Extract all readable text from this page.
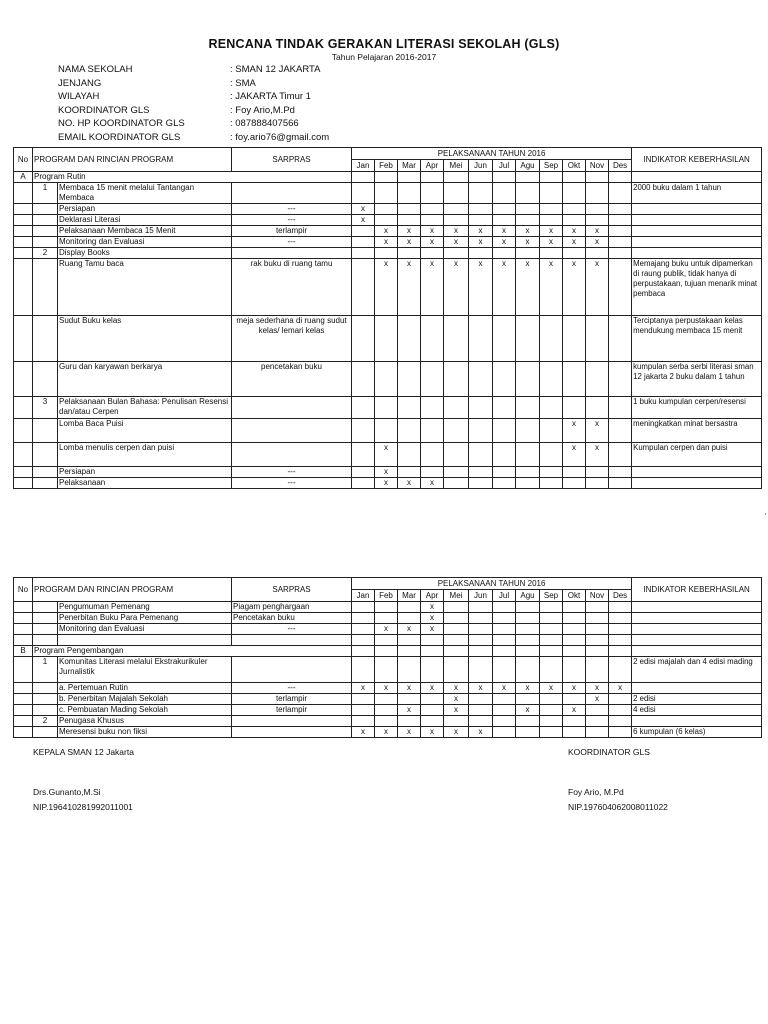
RENCANA TINDAK GERAKAN LITERASI SEKOLAH (GLS)
Tahun Pelajaran 2016-2017
NAMA SEKOLAH	: SMAN 12 JAKARTA
JENJANG	: SMA
WILAYAH	: JAKARTA Timur 1
KOORDINATOR GLS	: Foy Ario,M.Pd
NO. HP KOORDINATOR GLS	: 087888407566
EMAIL KOORDINATOR GLS	: foy.ario76@gmail.com
No	PROGRAM DAN RINCIAN PROGRAM		SARPRAS	PELAKSANAAN TAHUN 2016												INDIKATOR KEBERHASILAN
				Jan	Feb	Mar	Apr	Mei	Jun	Jul	Agu	Sep	Okt	Nov	Des	
A	Program Rutin															
	1	Membaca 15 menit melalui Tantangan Membaca														2000 buku dalam 1 tahun
		Persiapan	---	x												
		Deklarasi Literasi	---	x												
		Pelaksanaan Membaca 15 Menit	terlampir		x	x	x	x	x	x	x	x	x	x		
		Monitoring dan Evaluasi	---		x	x	x	x	x	x	x	x	x	x		
	2	Display Books														
		Ruang Tamu baca	rak buku di ruang tamu		x	x	x	x	x	x	x	x	x	x		Memajang buku untuk dipamerkan di raung publik, tidak hanya di perpustakaan, tujuan menarik minat pembaca
		Sudut Buku kelas	meja sederhana di ruang sudut kelas/ lemari kelas													Terciptanya perpustakaan kelas mendukung membaca 15 menit
		Guru dan karyawan berkarya	pencetakan buku													kumpulan serba serbi literasi sman 12 jakarta 2 buku dalam 1 tahun
	3	Pelaksanaan Bulan Bahasa: Penulisan Resensi dan/atau Cerpen														1 buku kumpulan cerpen/resensi
		Lomba Baca Puisi											x	x		meningkatkan minat bersastra
		Lomba menulis cerpen dan puisi			x								x	x		Kumpulan cerpen dan puisi
		Persiapan	---		x											
		Pelaksanaan	---		x	x	x									
'
No	PROGRAM DAN RINCIAN PROGRAM		SARPRAS	PELAKSANAAN TAHUN 2016												INDIKATOR KEBERHASILAN
				Jan	Feb	Mar	Apr	Mei	Jun	Jul	Agu	Sep	Okt	Nov	Des	
		Pengumuman Pemenang	Piagam penghargaan				x									
		Penerbitan Buku Para Pemenang	Pencetakan buku				x									
		Monitoring dan Evaluasi	---		x	x	x									

B	Program Pengembangan															
	1	Komunitas Literasi melalui Ekstrakurikuler Jurnalistik														2 edisi majalah dan 4 edisi mading
		a. Pertemuan Rutin	---	x	x	x	x	x	x	x	x	x	x	x	x	
		b. Penerbitan Majalah Sekolah	terlampir					x						x		2 edisi
		c. Pembuatan Mading Sekolah	terlampir			x		x			x		x			4 edisi
	2	Penugasa Khusus														
		Meresensi buku non fiksi		x	x	x	x	x	x							6 kumpulan (6 kelas)
KEPALA SMAN 12 Jakarta
Drs.Gunanto,M.Si
NIP.196410281992011001
KOORDINATOR GLS
Foy Ario, M.Pd
NIP.197604062008011022
